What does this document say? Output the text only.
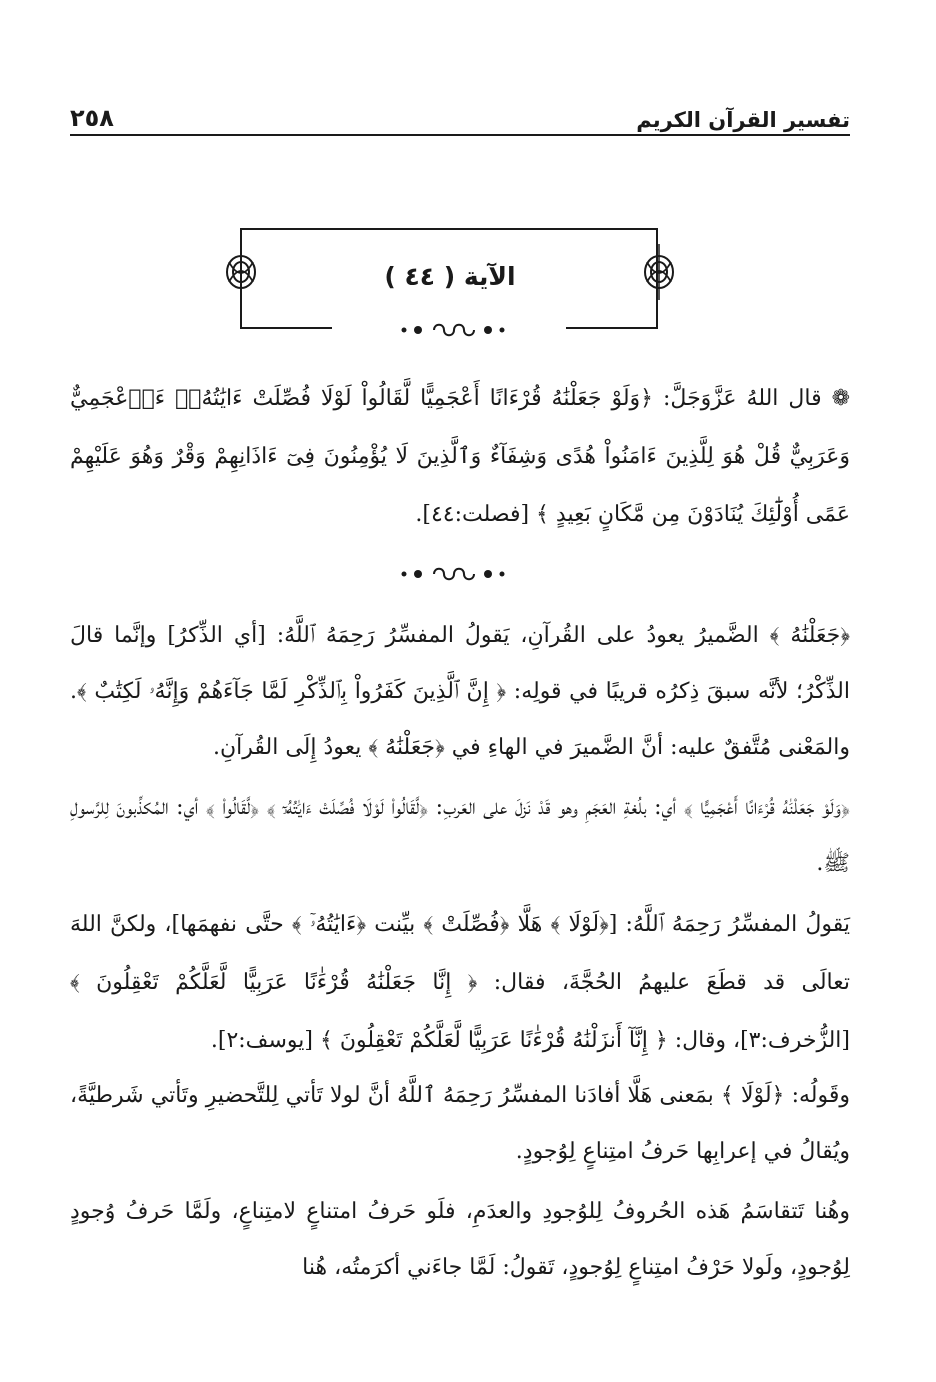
٢٥٨	تفسير القرآن الكريم
الآية ( ٤٤ )

❁ قال اللهُ عَزَّوَجَلَّ: ﴿وَلَوْ جَعَلْنَٰهُ قُرْءَانًا أَعْجَمِيًّا لَّقَالُواْ لَوْلَا فُصِّلَتْ ءَايَٰتُهُۥٓ ءَا۬عْجَمِيٌّ وَعَرَبِيٌّ قُلْ هُوَ لِلَّذِينَ ءَامَنُواْ هُدًى وَشِفَآءٌ وَٱلَّذِينَ لَا يُؤْمِنُونَ فِىٓ ءَاذَانِهِمْ وَقْرٌ وَهُوَ عَلَيْهِمْ عَمًى أُوْلَٰٓئِكَ يُنَادَوْنَ مِن مَّكَانٍ بَعِيدٍ ﴾ [فصلت:٤٤].

﴿جَعَلْنَٰهُ ﴾ الضَّميرُ يعودُ على القُرآنِ، يَقولُ المفسِّرُ رَحِمَهُ ٱللَّهُ: [أي الذِّكرُ] وإنَّما قالَ الذِّكْرُ؛ لأنَّه سبقَ ذِكرُه قريبًا في قولِه: ﴿ إِنَّ ٱلَّذِينَ كَفَرُواْ بِٱلذِّكْرِ لَمَّا جَآءَهُمْ وَإِنَّهُۥ لَكِتَٰبٌ ﴾. والمَعْنى مُتَّفقٌ عليه: أنَّ الضَّميرَ في الهاءِ في ﴿جَعَلْنَٰهُ ﴾ يعودُ إِلَى القُرآنِ.

﴿وَلَوْ جَعَلْنَٰهُ قُرْءَانًا أَعْجَمِيًّا ﴾ أي: بلُغةِ العَجَمِ وهو قَدْ نَزلَ على العَربِ: ﴿لَّقَالُواْ لَوْلَا فُصِّلَتْ ءَايَٰتُهُۥٓ ﴾ ﴿لَّقَالُواْ ﴾ أي: المُكذِّبونَ لِلرَّسولِ ﷺ.

يَقولُ المفسِّرُ رَحِمَهُ ٱللَّهُ: [﴿لَوْلَا ﴾ هَلَّا ﴿فُصِّلَتْ ﴾ بيِّنت ﴿ءَايَٰتُهُۥٓ ﴾ حتَّى نفهمَها]، ولكنَّ اللهَ تعالَى قد قطَعَ عليهمُ الحُجَّةَ، فقال: ﴿ إِنَّا جَعَلْنَٰهُ قُرْءَٰنًا عَرَبِيًّا لَّعَلَّكُمْ تَعْقِلُونَ ﴾ [الزُّخرف:٣]، وقال: ﴿ إِنَّآ أَنزَلْنَٰهُ قُرْءَٰنًا عَرَبِيًّا لَّعَلَّكُمْ تَعْقِلُونَ ﴾ [يوسف:٢].

وقَولُه: ﴿لَوْلَا ﴾ بمَعنى هَلَّا أفادَنا المفسِّرُ رَحِمَهُ ٱللَّهُ أنَّ لولا تَأتي لِلتَّحضيرِ وتَأتي شَرطيَّةً، ويُقالُ في إعرابِها حَرفُ امتِناعٍ لِوُجودٍ.

وهُنا تَتقاسَمُ هَذه الحُروفُ لِلوُجودِ والعدَمِ، فلَو حَرفُ امتناعٍ لامتِناعٍ، ولَمَّا حَرفُ وُجودٍ لِوُجودٍ، ولَولا حَرْفُ امتِناعٍ لِوُجودٍ، تَقولُ: لَمَّا جاءَني أكرَمتُه، هُنا
